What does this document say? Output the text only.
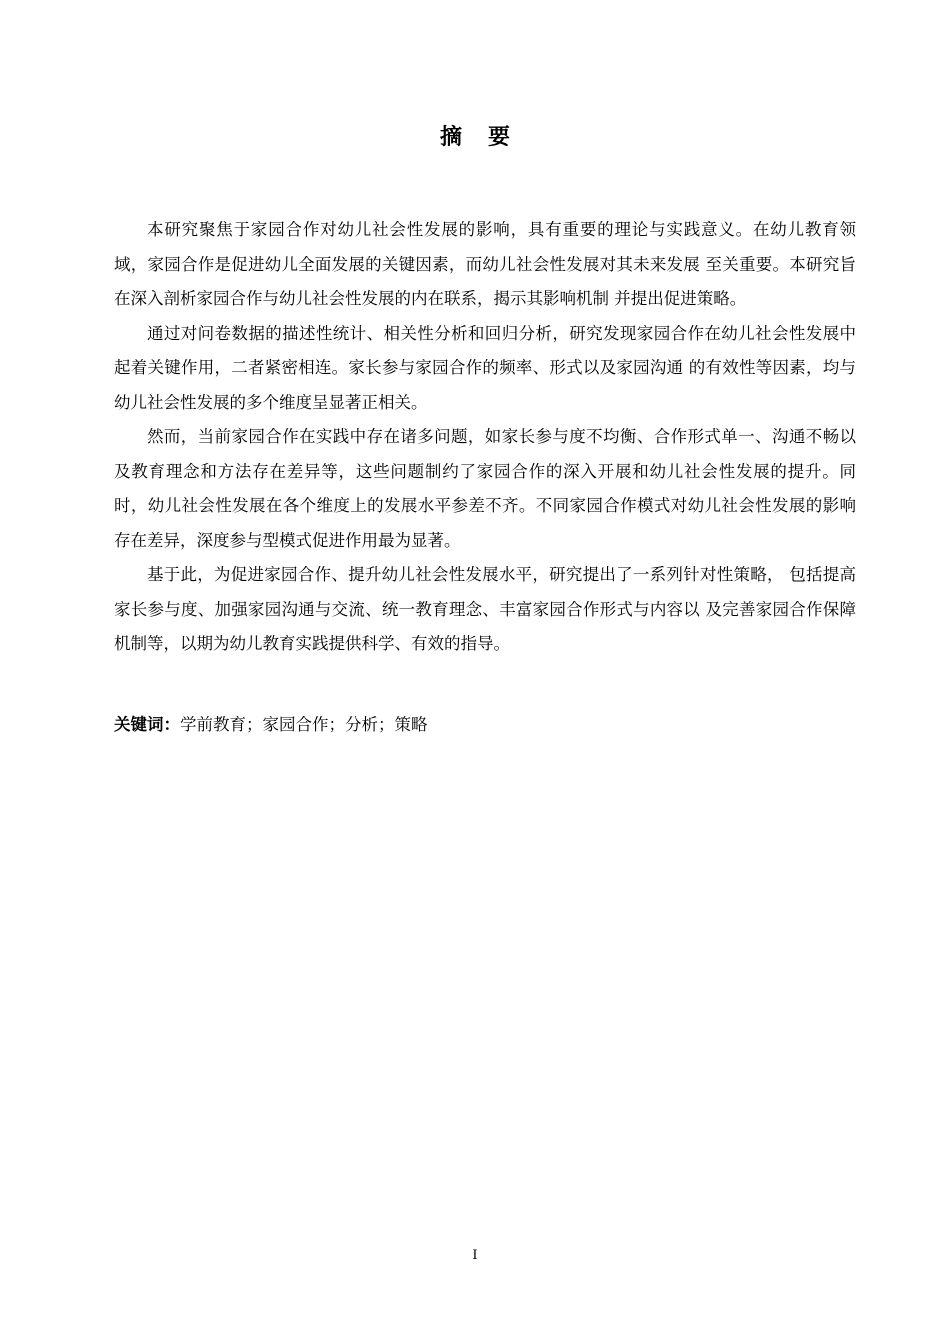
摘要

本研究聚焦于家园合作对幼儿社会性发展的影响，具有重要的理论与实践意义。在幼儿教育领域，家园合作是促进幼儿全面发展的关键因素，而幼儿社会性发展对其未来发展 至关重要。本研究旨在深入剖析家园合作与幼儿社会性发展的内在联系，揭示其影响机制 并提出促进策略。

通过对问卷数据的描述性统计、相关性分析和回归分析，研究发现家园合作在幼儿社会性发展中起着关键作用，二者紧密相连。家长参与家园合作的频率、形式以及家园沟通 的有效性等因素，均与幼儿社会性发展的多个维度呈显著正相关。

然而，当前家园合作在实践中存在诸多问题，如家长参与度不均衡、合作形式单一、沟通不畅以及教育理念和方法存在差异等，这些问题制约了家园合作的深入开展和幼儿社会性发展的提升。同时，幼儿社会性发展在各个维度上的发展水平参差不齐。不同家园合作模式对幼儿社会性发展的影响存在差异，深度参与型模式促进作用最为显著。

基于此，为促进家园合作、提升幼儿社会性发展水平，研究提出了一系列针对性策略， 包括提高家长参与度、加强家园沟通与交流、统一教育理念、丰富家园合作形式与内容以 及完善家园合作保障机制等，以期为幼儿教育实践提供科学、有效的指导。

关键词：学前教育；家园合作；分析；策略
I
